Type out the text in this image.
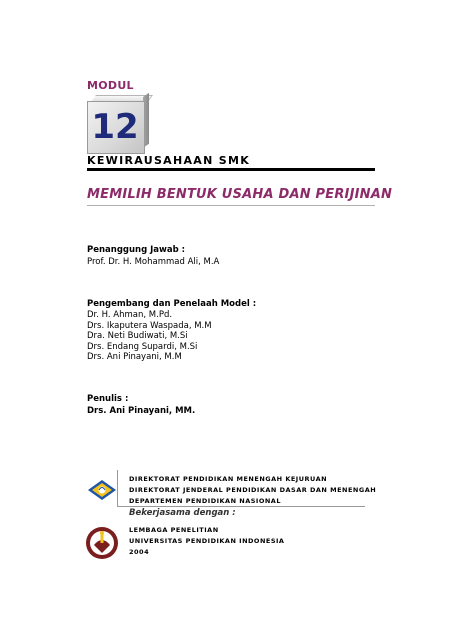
MODUL
12
KEWIRAUSAHAAN SMK
MEMILIH BENTUK USAHA DAN PERIJINAN
Penanggung Jawab :
Prof. Dr. H. Mohammad Ali, M.A
Pengembang dan Penelaah Model :
Dr. H. Ahman, M.Pd.
Drs. Ikaputera Waspada, M.M
Dra. Neti Budiwati, M.Si
Drs. Endang Supardi, M.Si
Drs. Ani Pinayani, M.M
Penulis :
Drs. Ani Pinayani, MM.
DIREKTORAT PENDIDIKAN MENENGAH KEJURUAN
DIREKTORAT JENDERAL PENDIDIKAN DASAR DAN MENENGAH
DEPARTEMEN PENDIDIKAN NASIONAL
Bekerjasama dengan :
LEMBAGA PENELITIAN
UNIVERSITAS PENDIDIKAN INDONESIA
2004
